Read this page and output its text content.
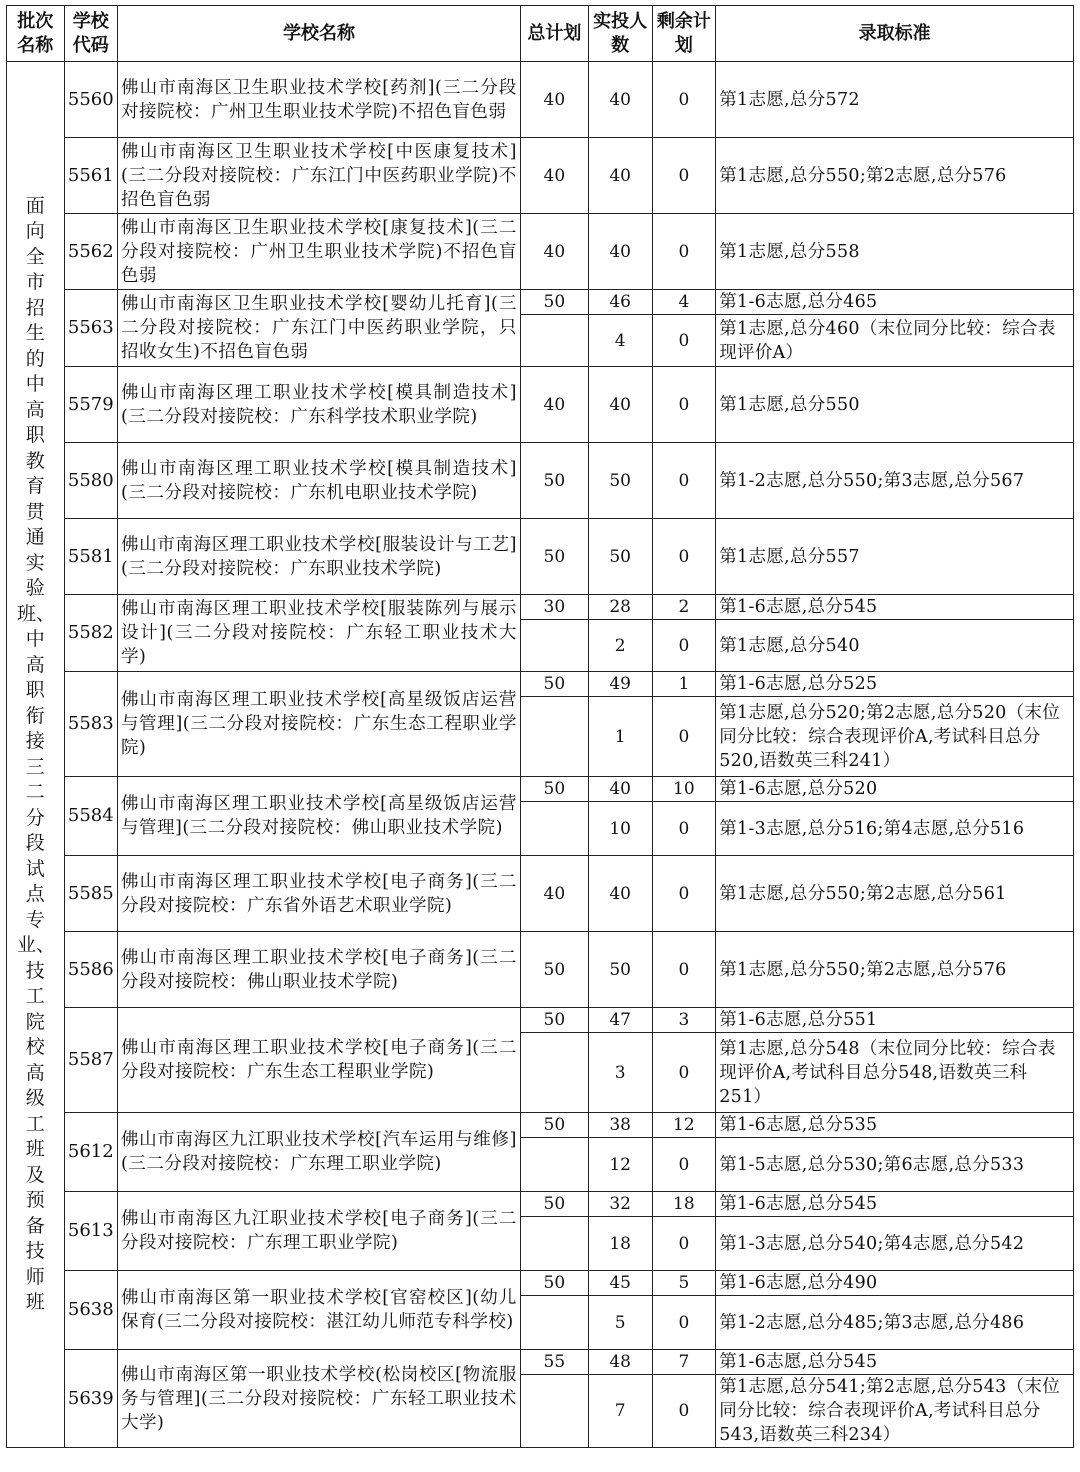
批次名称	学校代码	学校名称	总计划	实投人数	剩余计划	录取标准
面向全市招生的中高职教育贯通实验班、中高职衔接三二分段试点专业、技工院校高级工班及预备技师班	5560	佛山市南海区卫生职业技术学校[药剂](三二分段对接院校：广州卫生职业技术学院)不招色盲色弱	40	40	0	第1志愿,总分572
	5561	佛山市南海区卫生职业技术学校[中医康复技术](三二分段对接院校：广东江门中医药职业学院)不招色盲色弱	40	40	0	第1志愿,总分550;第2志愿,总分576
	5562	佛山市南海区卫生职业技术学校[康复技术](三二分段对接院校：广州卫生职业技术学院)不招色盲色弱	40	40	0	第1志愿,总分558
	5563	佛山市南海区卫生职业技术学校[婴幼儿托育](三二分段对接院校：广东江门中医药职业学院，只招收女生)不招色盲色弱	50	46	4	第1-6志愿,总分465
				4	0	第1志愿,总分460（末位同分比较：综合表现评价A）
	5579	佛山市南海区理工职业技术学校[模具制造技术](三二分段对接院校：广东科学技术职业学院)	40	40	0	第1志愿,总分550
	5580	佛山市南海区理工职业技术学校[模具制造技术](三二分段对接院校：广东机电职业技术学院)	50	50	0	第1-2志愿,总分550;第3志愿,总分567
	5581	佛山市南海区理工职业技术学校[服装设计与工艺](三二分段对接院校：广东职业技术学院)	50	50	0	第1志愿,总分557
	5582	佛山市南海区理工职业技术学校[服装陈列与展示设计](三二分段对接院校：广东轻工职业技术大学)	30	28	2	第1-6志愿,总分545
				2	0	第1志愿,总分540
	5583	佛山市南海区理工职业技术学校[高星级饭店运营与管理](三二分段对接院校：广东生态工程职业学院)	50	49	1	第1-6志愿,总分525
				1	0	第1志愿,总分520;第2志愿,总分520（末位同分比较：综合表现评价A,考试科目总分520,语数英三科241）
	5584	佛山市南海区理工职业技术学校[高星级饭店运营与管理](三二分段对接院校：佛山职业技术学院)	50	40	10	第1-6志愿,总分520
				10	0	第1-3志愿,总分516;第4志愿,总分516
	5585	佛山市南海区理工职业技术学校[电子商务](三二分段对接院校：广东省外语艺术职业学院)	40	40	0	第1志愿,总分550;第2志愿,总分561
	5586	佛山市南海区理工职业技术学校[电子商务](三二分段对接院校：佛山职业技术学院)	50	50	0	第1志愿,总分550;第2志愿,总分576
	5587	佛山市南海区理工职业技术学校[电子商务](三二分段对接院校：广东生态工程职业学院)	50	47	3	第1-6志愿,总分551
				3	0	第1志愿,总分548（末位同分比较：综合表现评价A,考试科目总分548,语数英三科251）
	5612	佛山市南海区九江职业技术学校[汽车运用与维修](三二分段对接院校：广东理工职业学院)	50	38	12	第1-6志愿,总分535
				12	0	第1-5志愿,总分530;第6志愿,总分533
	5613	佛山市南海区九江职业技术学校[电子商务](三二分段对接院校：广东理工职业学院)	50	32	18	第1-6志愿,总分545
				18	0	第1-3志愿,总分540;第4志愿,总分542
	5638	佛山市南海区第一职业技术学校[官窑校区](幼儿保育(三二分段对接院校：湛江幼儿师范专科学校)	50	45	5	第1-6志愿,总分490
				5	0	第1-2志愿,总分485;第3志愿,总分486
	5639	佛山市南海区第一职业技术学校(松岗校区[物流服务与管理](三二分段对接院校：广东轻工职业技术大学)	55	48	7	第1-6志愿,总分545
				7	0	第1志愿,总分541;第2志愿,总分543（末位同分比较：综合表现评价A,考试科目总分543,语数英三科234）
